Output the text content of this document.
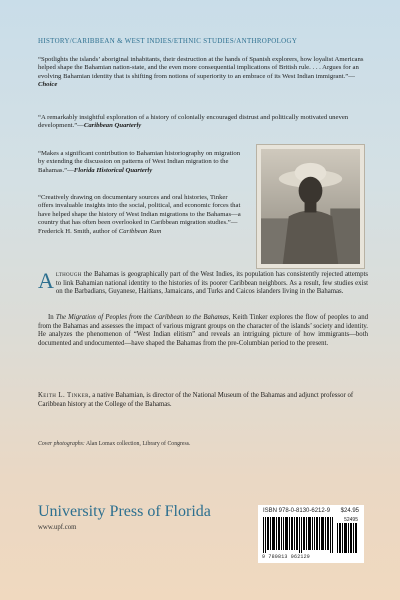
HISTORY/CARIBBEAN & WEST INDIES/ETHNIC STUDIES/ANTHROPOLOGY
“Spotlights the islands’ aboriginal inhabitants, their destruction at the hands of Spanish explorers, how loyalist Americans helped shape the Bahamian nation-state, and the even more consequential implications of British rule. . . . Argues for an evolving Bahamian identity that is shifting from notions of superiority to an embrace of its West Indian immigrant.”—Choice
“A remarkably insightful exploration of a history of colonially encouraged distrust and politically motivated uneven development.”—Caribbean Quarterly
“Makes a significant contribution to Bahamian historiography on migration by extending the discussion on patterns of West Indian migration to the Bahamas.”—Florida Historical Quarterly
“Creatively drawing on documentary sources and oral histories, Tinker offers invaluable insights into the social, political, and economic forces that have helped shape the history of West Indian migrations to the Bahamas—a country that has often been overlooked in Caribbean migration studies.”—Frederick H. Smith, author of Caribbean Rum
Although the Bahamas is geographically part of the West Indies, its population has consistently rejected attempts to link Bahamian national identity to the histories of its poorer Caribbean neighbors. As a result, few studies exist on the Barbadians, Guyanese, Haitians, Jamaicans, and Turks and Caicos islanders living in the Bahamas.
In The Migration of Peoples from the Caribbean to the Bahamas, Keith Tinker explores the flow of peoples to and from the Bahamas and assesses the impact of various migrant groups on the character of the islands’ society and identity. He analyzes the phenomenon of “West Indian elitism” and reveals an intriguing picture of how immigrants—both documented and undocumented—have shaped the Bahamas from the pre-Columbian period to the present.
Keith L. Tinker, a native Bahamian, is director of the National Museum of the Bahamas and adjunct professor of Caribbean history at the College of the Bahamas.
Cover photographs: Alan Lomax collection, Library of Congress.
University Press of Florida
www.upf.com
ISBN 978-0-8130-6212-9 $24.95
52495
9 780813 062129
